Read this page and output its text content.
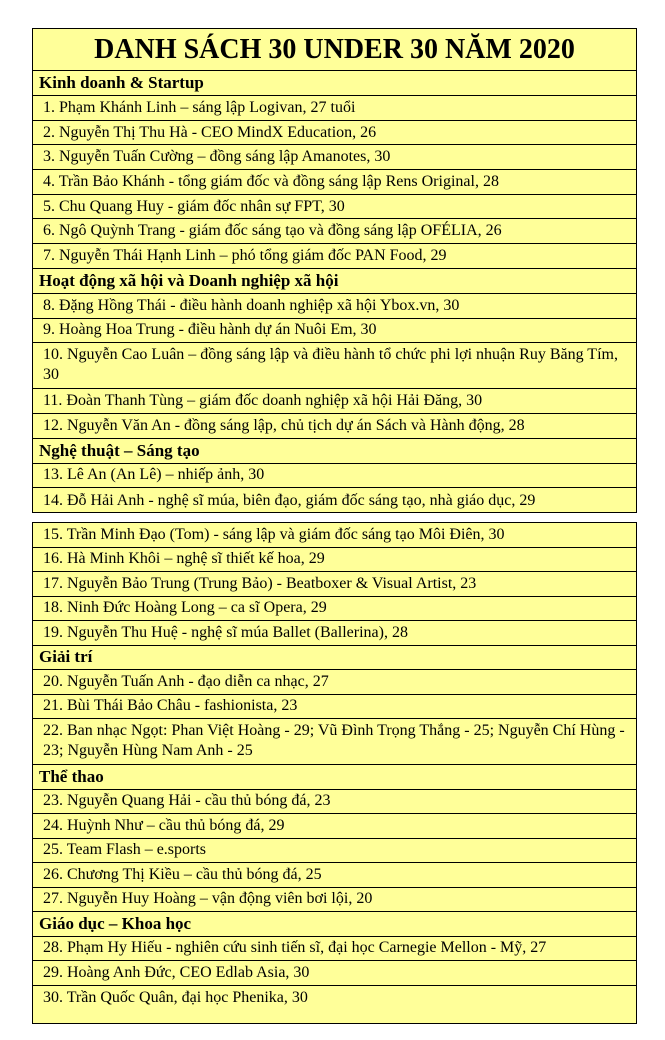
DANH SÁCH 30 UNDER 30 NĂM 2020
Kinh doanh & Startup
1. Phạm Khánh Linh – sáng lập Logivan, 27 tuổi
2. Nguyễn Thị Thu Hà - CEO MindX Education, 26
3. Nguyễn Tuấn Cường – đồng sáng lập Amanotes, 30
4. Trần Bảo Khánh - tổng giám đốc và đồng sáng lập Rens Original, 28
5. Chu Quang Huy - giám đốc nhân sự FPT, 30
6. Ngô Quỳnh Trang - giám đốc sáng tạo và đồng sáng lập OFÉLIA, 26
7. Nguyễn Thái Hạnh Linh – phó tổng giám đốc PAN Food, 29
Hoạt động xã hội và Doanh nghiệp xã hội
8. Đặng Hồng Thái - điều hành doanh nghiệp xã hội Ybox.vn, 30
9. Hoàng Hoa Trung - điều hành dự án Nuôi Em, 30
10. Nguyễn Cao Luân – đồng sáng lập và điều hành tổ chức phi lợi nhuận Ruy Băng Tím, 30
11. Đoàn Thanh Tùng – giám đốc doanh nghiệp xã hội Hải Đăng, 30
12. Nguyễn Văn An - đồng sáng lập, chủ tịch dự án Sách và Hành động, 28
Nghệ thuật – Sáng tạo
13. Lê An (An Lê) – nhiếp ảnh, 30
14. Đỗ Hải Anh - nghệ sĩ múa, biên đạo, giám đốc sáng tạo, nhà giáo dục, 29
15. Trần Minh Đạo (Tom) - sáng lập và giám đốc sáng tạo Môi Điên, 30
16. Hà Minh Khôi – nghệ sĩ thiết kế hoa, 29
17. Nguyễn Bảo Trung (Trung Bảo) - Beatboxer & Visual Artist, 23
18. Ninh Đức Hoàng Long – ca sĩ Opera, 29
19. Nguyễn Thu Huệ - nghệ sĩ múa Ballet (Ballerina), 28
Giải trí
20. Nguyễn Tuấn Anh - đạo diễn ca nhạc, 27
21. Bùi Thái Bảo Châu - fashionista, 23
22. Ban nhạc Ngọt: Phan Việt Hoàng - 29; Vũ Đình Trọng Thắng - 25; Nguyễn Chí Hùng - 23; Nguyễn Hùng Nam Anh - 25
Thể thao
23. Nguyễn Quang Hải - cầu thủ bóng đá, 23
24. Huỳnh Như – cầu thủ bóng đá, 29
25. Team Flash – e.sports
26. Chương Thị Kiều – cầu thủ bóng đá, 25
27. Nguyễn Huy Hoàng – vận động viên bơi lội, 20
Giáo dục – Khoa học
28. Phạm Hy Hiếu - nghiên cứu sinh tiến sĩ, đại học Carnegie Mellon - Mỹ, 27
29. Hoàng Anh Đức, CEO Edlab Asia, 30
30. Trần Quốc Quân, đại học Phenika, 30
